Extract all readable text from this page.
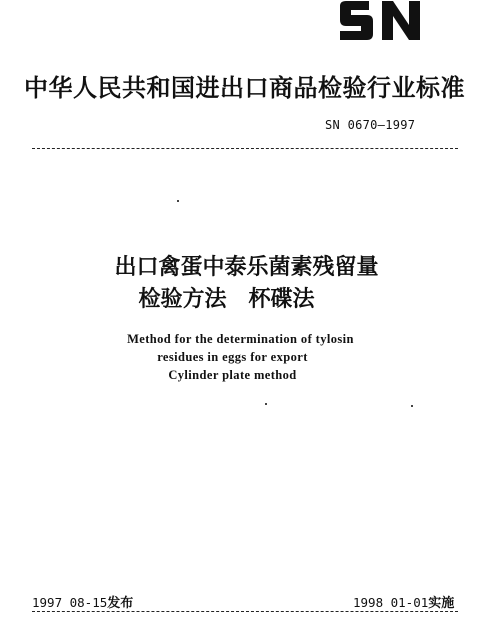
中华人民共和国进出口商品检验行业标准
SN 0670—1997
出口禽蛋中泰乐菌素残留量
检验方法 杯碟法
Method for the determination of tylosin
residues in eggs for export
Cylinder plate method
1997 08-15发布	1998 01-01实施
